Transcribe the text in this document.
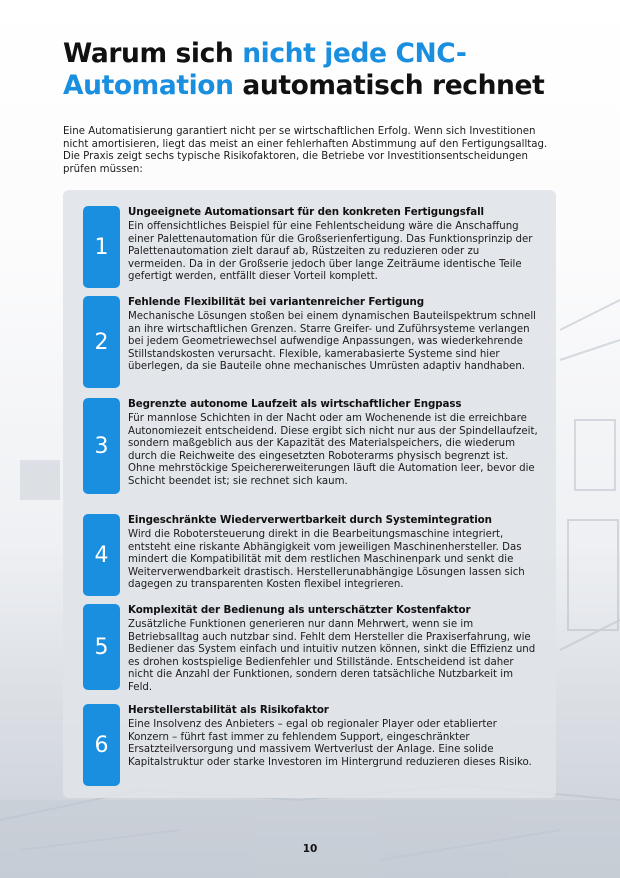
Warum sich nicht jede CNC-Automation automatisch rechnet

Eine Automatisierung garantiert nicht per se wirtschaftlichen Erfolg. Wenn sich Investitionen nicht amortisieren, liegt das meist an einer fehlerhaften Abstimmung auf den Fertigungsalltag. Die Praxis zeigt sechs typische Risikofaktoren, die Betriebe vor Investitionsentscheidungen prüfen müssen:

1
Ungeeignete Automationsart für den konkreten Fertigungsfall
Ein offensichtliches Beispiel für eine Fehlentscheidung wäre die Anschaffung einer Palettenautomation für die Großserienfertigung. Das Funktionsprinzip der Palettenautomation zielt darauf ab, Rüstzeiten zu reduzieren oder zu vermeiden. Da in der Großserie jedoch über lange Zeiträume identische Teile gefertigt werden, entfällt dieser Vorteil komplett.
2
Fehlende Flexibilität bei variantenreicher Fertigung
Mechanische Lösungen stoßen bei einem dynamischen Bauteilspektrum schnell an ihre wirtschaftlichen Grenzen. Starre Greifer- und Zuführsysteme verlangen bei jedem Geometriewechsel aufwendige Anpassungen, was wiederkehrende Stillstandskosten verursacht. Flexible, kamerabasierte Systeme sind hier überlegen, da sie Bauteile ohne mechanisches Umrüsten adaptiv handhaben.
3
Begrenzte autonome Laufzeit als wirtschaftlicher Engpass
Für mannlose Schichten in der Nacht oder am Wochenende ist die erreichbare Autonomiezeit entscheidend. Diese ergibt sich nicht nur aus der Spindellaufzeit, sondern maßgeblich aus der Kapazität des Materialspeichers, die wiederum durch die Reichweite des eingesetzten Roboterarms physisch begrenzt ist. Ohne mehrstöckige Speichererweiterungen läuft die Automation leer, bevor die Schicht beendet ist; sie rechnet sich kaum.
4
Eingeschränkte Wiederverwertbarkeit durch Systemintegration
Wird die Robotersteuerung direkt in die Bearbeitungsmaschine integriert, entsteht eine riskante Abhängigkeit vom jeweiligen Maschinenhersteller. Das mindert die Kompatibilität mit dem restlichen Maschinenpark und senkt die Weiterverwendbarkeit drastisch. Herstellerunabhängige Lösungen lassen sich dagegen zu transparenten Kosten flexibel integrieren.
5
Komplexität der Bedienung als unterschätzter Kostenfaktor
Zusätzliche Funktionen generieren nur dann Mehrwert, wenn sie im Betriebsalltag auch nutzbar sind. Fehlt dem Hersteller die Praxiserfahrung, wie Bediener das System einfach und intuitiv nutzen können, sinkt die Effizienz und es drohen kostspielige Bedienfehler und Stillstände. Entscheidend ist daher nicht die Anzahl der Funktionen, sondern deren tatsächliche Nutzbarkeit im Feld.
6
Herstellerstabilität als Risikofaktor
Eine Insolvenz des Anbieters – egal ob regionaler Player oder etablierter Konzern – führt fast immer zu fehlendem Support, eingeschränkter Ersatzteilversorgung und massivem Wertverlust der Anlage. Eine solide Kapitalstruktur oder starke Investoren im Hintergrund reduzieren dieses Risiko.
10
